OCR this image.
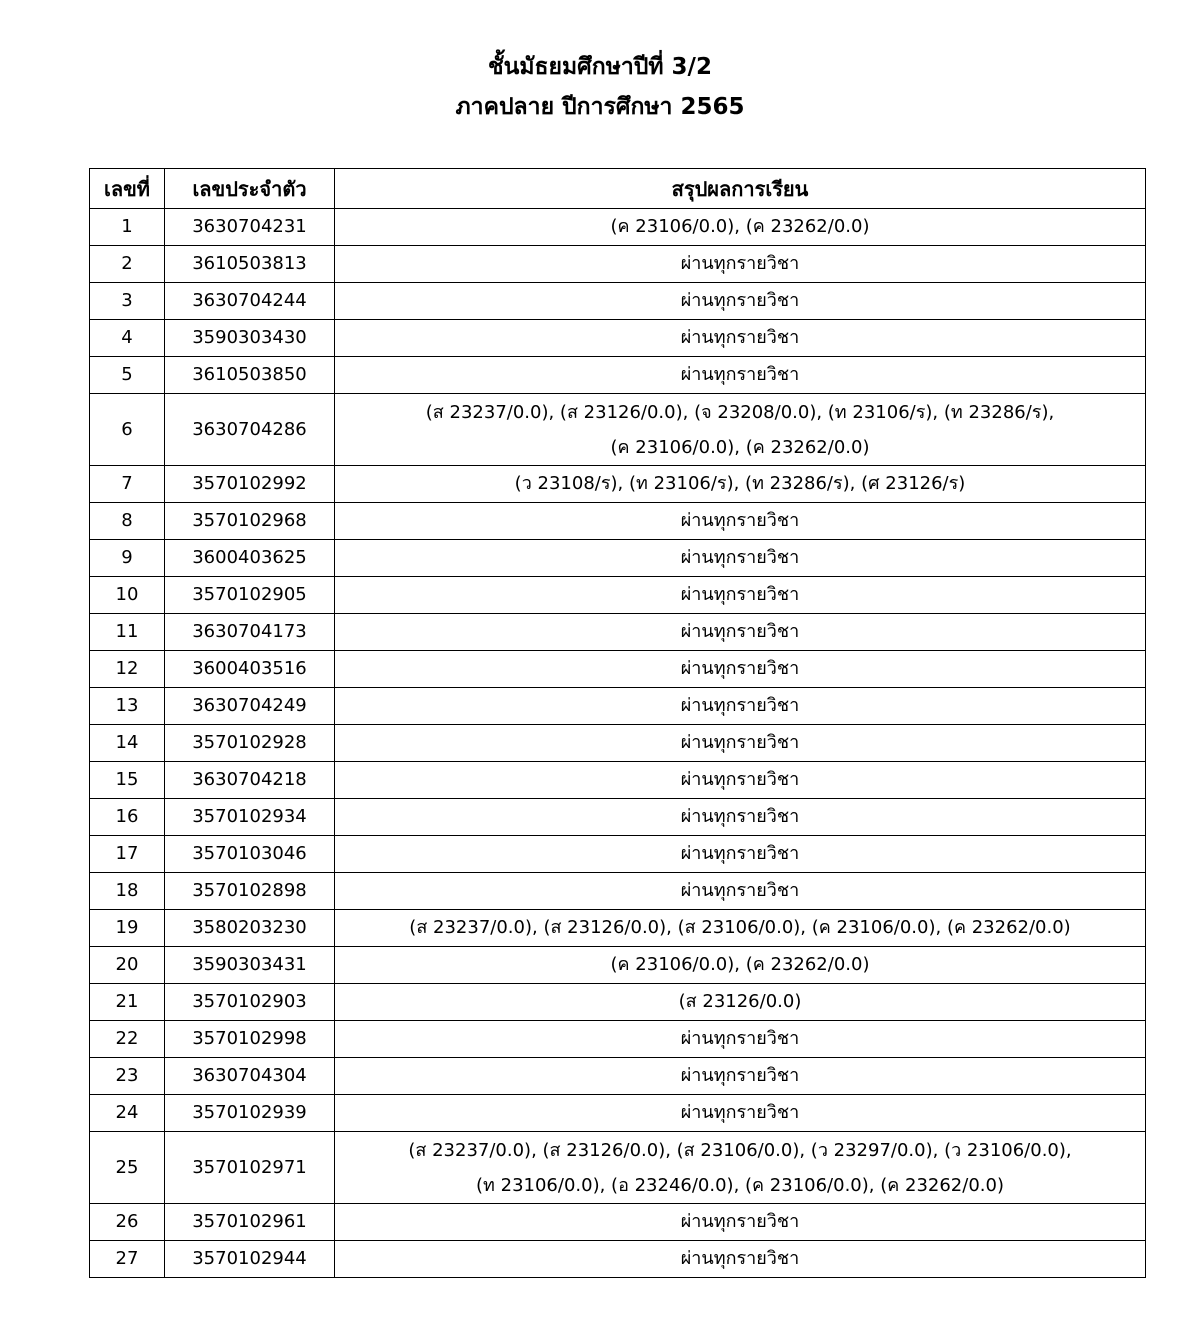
ชั้นมัธยมศึกษาปีที่ 3/2
ภาคปลาย ปีการศึกษา 2565
เลขที่	เลขประจำตัว	สรุปผลการเรียน
1	3630704231	(ค 23106/0.0), (ค 23262/0.0)

2	3610503813	ผ่านทุกรายวิชา

3	3630704244	ผ่านทุกรายวิชา

4	3590303430	ผ่านทุกรายวิชา

5	3610503850	ผ่านทุกรายวิชา

6	3630704286	(ส 23237/0.0), (ส 23126/0.0), (จ 23208/0.0), (ท 23106/ร), (ท 23286/ร),
(ค 23106/0.0), (ค 23262/0.0)

7	3570102992	(ว 23108/ร), (ท 23106/ร), (ท 23286/ร), (ศ 23126/ร)

8	3570102968	ผ่านทุกรายวิชา

9	3600403625	ผ่านทุกรายวิชา

10	3570102905	ผ่านทุกรายวิชา

11	3630704173	ผ่านทุกรายวิชา

12	3600403516	ผ่านทุกรายวิชา

13	3630704249	ผ่านทุกรายวิชา

14	3570102928	ผ่านทุกรายวิชา

15	3630704218	ผ่านทุกรายวิชา

16	3570102934	ผ่านทุกรายวิชา

17	3570103046	ผ่านทุกรายวิชา

18	3570102898	ผ่านทุกรายวิชา

19	3580203230	(ส 23237/0.0), (ส 23126/0.0), (ส 23106/0.0), (ค 23106/0.0), (ค 23262/0.0)

20	3590303431	(ค 23106/0.0), (ค 23262/0.0)

21	3570102903	(ส 23126/0.0)

22	3570102998	ผ่านทุกรายวิชา

23	3630704304	ผ่านทุกรายวิชา

24	3570102939	ผ่านทุกรายวิชา

25	3570102971	(ส 23237/0.0), (ส 23126/0.0), (ส 23106/0.0), (ว 23297/0.0), (ว 23106/0.0),
(ท 23106/0.0), (อ 23246/0.0), (ค 23106/0.0), (ค 23262/0.0)

26	3570102961	ผ่านทุกรายวิชา

27	3570102944	ผ่านทุกรายวิชา
